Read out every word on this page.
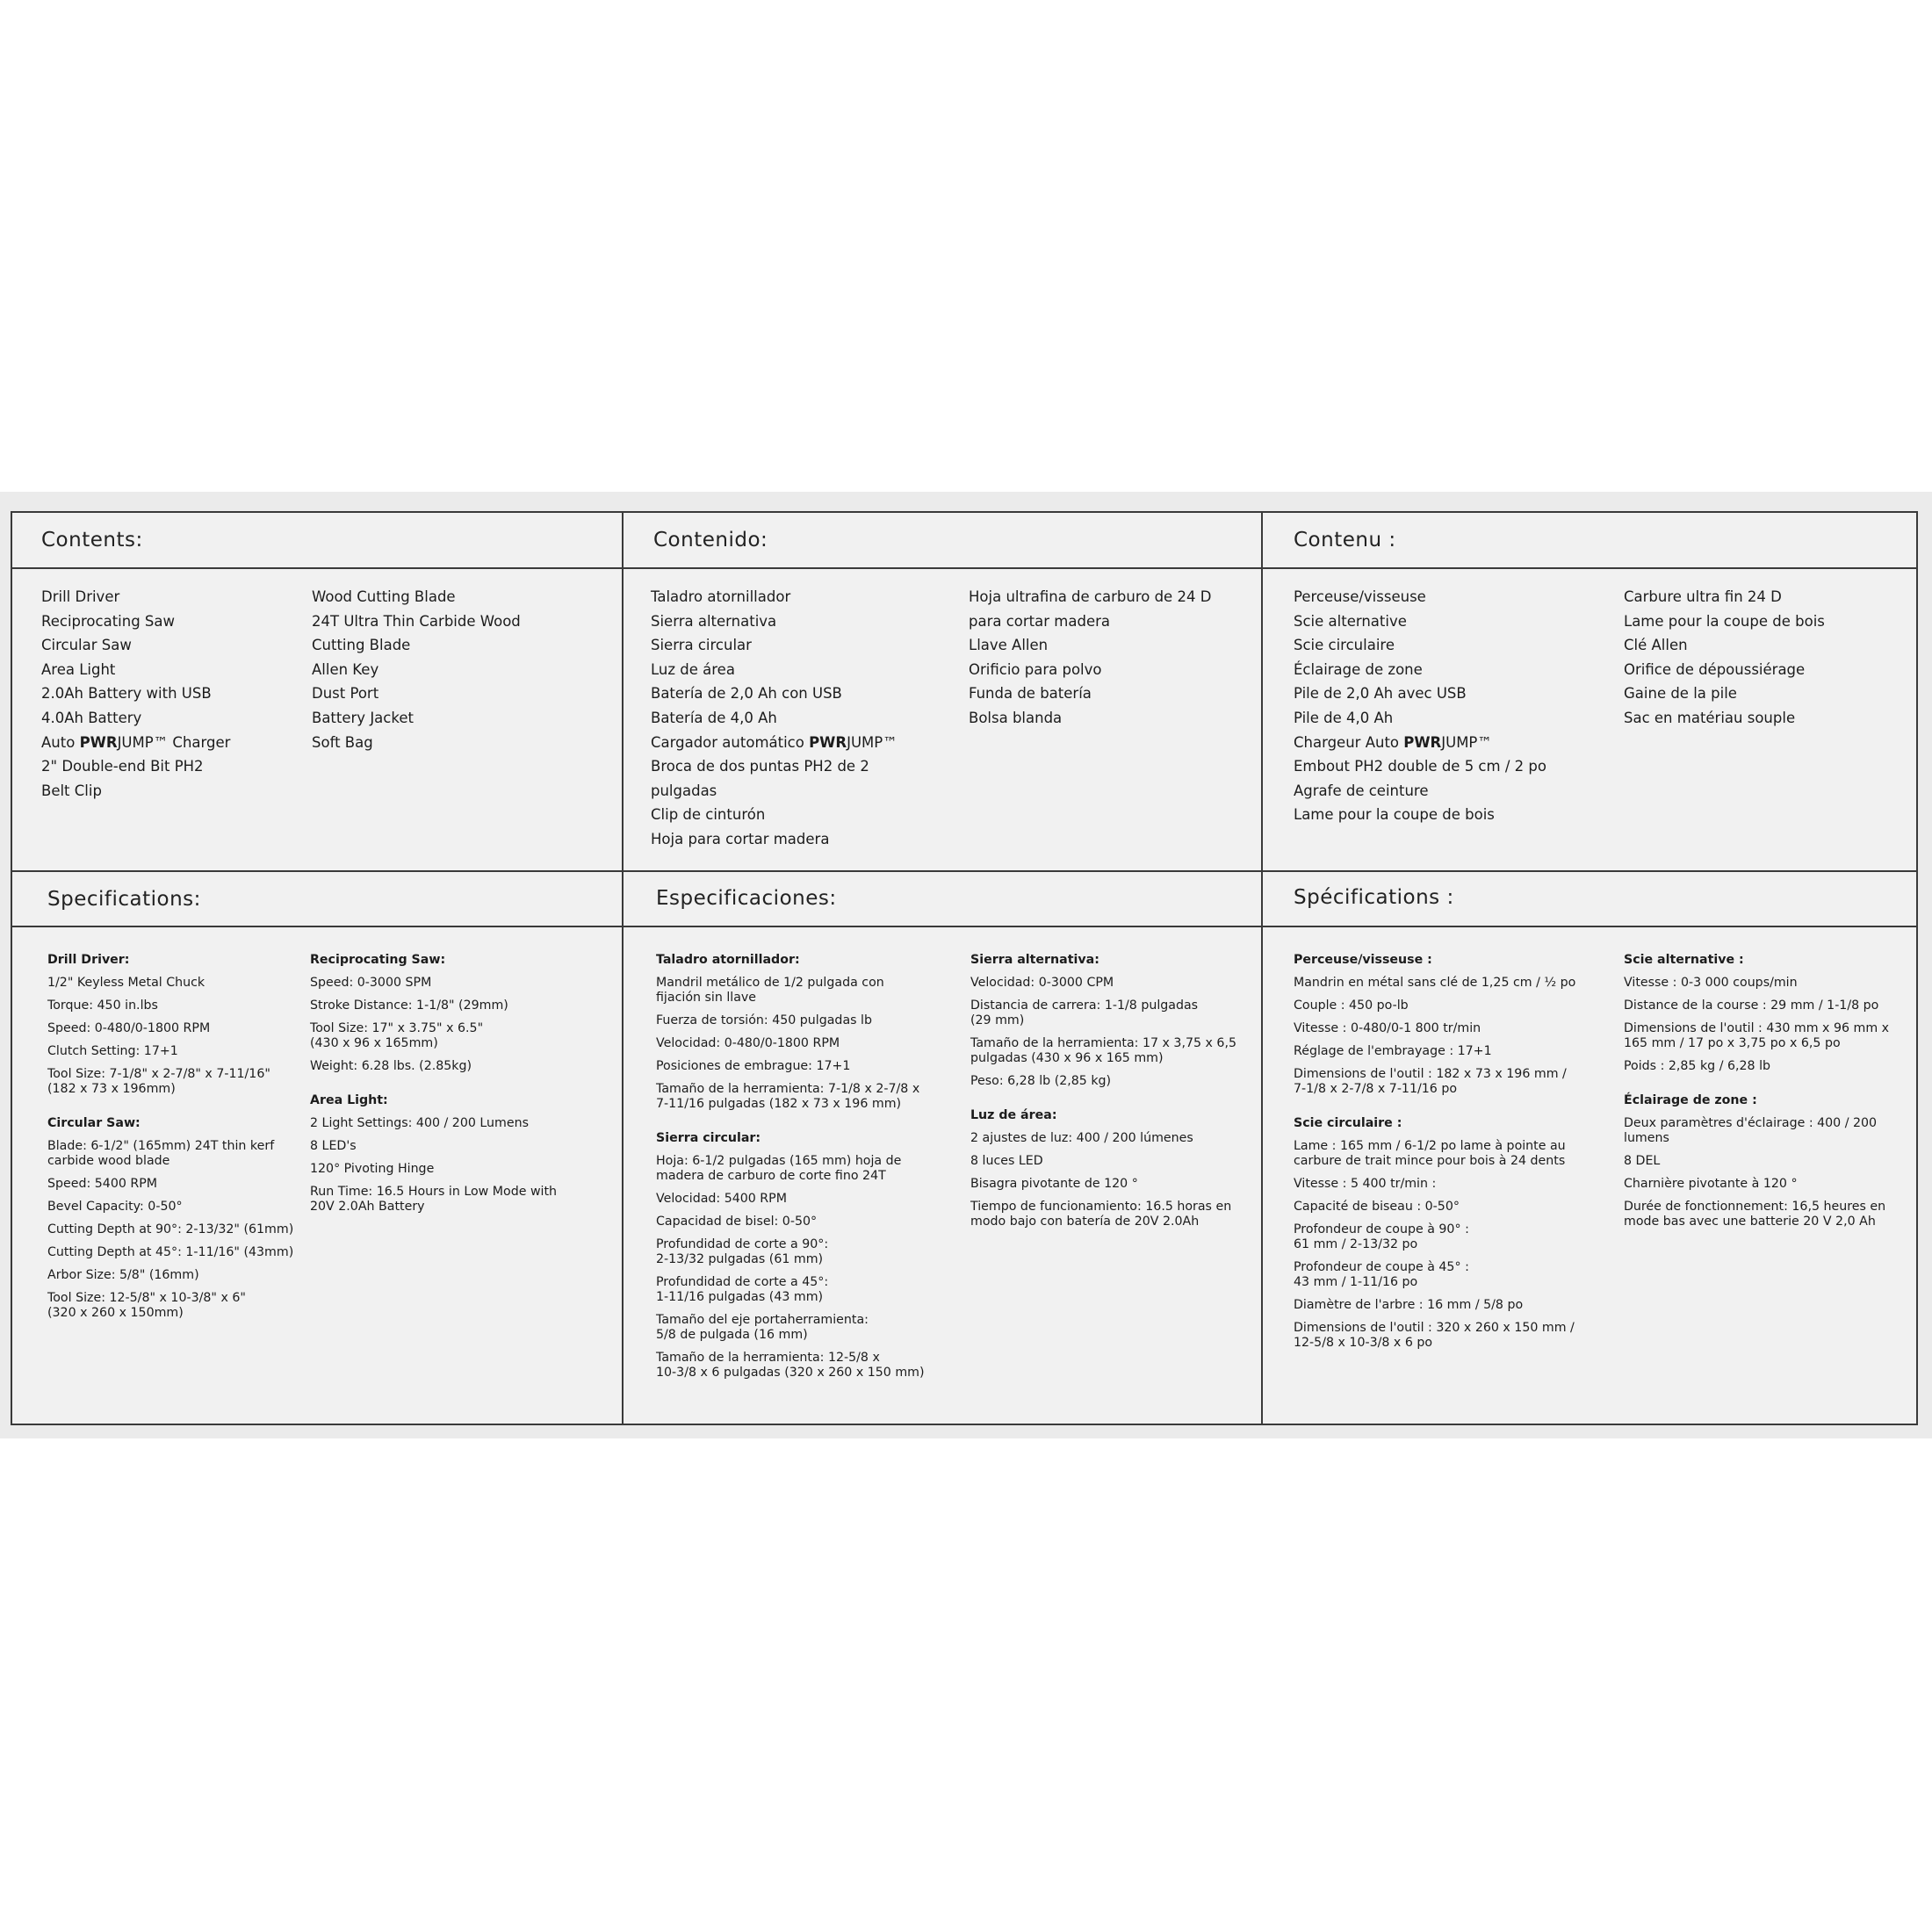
Contents:	Contenido:	Contenu :
Drill Driver
Reciprocating Saw
Circular Saw
Area Light
2.0Ah Battery with USB
4.0Ah Battery
Auto PWRJUMP™ Charger
2" Double-end Bit PH2
Belt Clip
Wood Cutting Blade
24T Ultra Thin Carbide Wood
Cutting Blade
Allen Key
Dust Port
Battery Jacket
Soft Bag
Taladro atornillador
Sierra alternativa
Sierra circular
Luz de área
Batería de 2,0 Ah con USB
Batería de 4,0 Ah
Cargador automático PWRJUMP™
Broca de dos puntas PH2 de 2
pulgadas
Clip de cinturón
Hoja para cortar madera
Hoja ultrafina de carburo de 24 D
para cortar madera
Llave Allen
Orificio para polvo
Funda de batería
Bolsa blanda
Perceuse/visseuse
Scie alternative
Scie circulaire
Éclairage de zone
Pile de 2,0 Ah avec USB
Pile de 4,0 Ah
Chargeur Auto PWRJUMP™
Embout PH2 double de 5 cm / 2 po
Agrafe de ceinture
Lame pour la coupe de bois
Carbure ultra fin 24 D
Lame pour la coupe de bois
Clé Allen
Orifice de dépoussiérage
Gaine de la pile
Sac en matériau souple
Specifications:	Especificaciones:	Spécifications :
Drill Driver:
1/2" Keyless Metal Chuck
Torque: 450 in.lbs
Speed: 0-480/0-1800 RPM
Clutch Setting: 17+1
Tool Size: 7-1/8" x 2-7/8" x 7-11/16"
(182 x 73 x 196mm)
Circular Saw:
Blade: 6-1/2" (165mm) 24T thin kerf
carbide wood blade
Speed: 5400 RPM
Bevel Capacity: 0-50°
Cutting Depth at 90°: 2-13/32" (61mm)
Cutting Depth at 45°: 1-11/16" (43mm)
Arbor Size: 5/8" (16mm)
Tool Size: 12-5/8" x 10-3/8" x 6"
(320 x 260 x 150mm)
Reciprocating Saw:
Speed: 0-3000 SPM
Stroke Distance: 1-1/8" (29mm)
Tool Size: 17" x 3.75" x 6.5"
(430 x 96 x 165mm)
Weight: 6.28 lbs. (2.85kg)
Area Light:
2 Light Settings: 400 / 200 Lumens
8 LED's
120° Pivoting Hinge
Run Time: 16.5 Hours in Low Mode with
20V 2.0Ah Battery
Taladro atornillador:
Mandril metálico de 1/2 pulgada con
fijación sin llave
Fuerza de torsión: 450 pulgadas lb
Velocidad: 0-480/0-1800 RPM
Posiciones de embrague: 17+1
Tamaño de la herramienta: 7-1/8 x 2-7/8 x
7-11/16 pulgadas (182 x 73 x 196 mm)
Sierra circular:
Hoja: 6-1/2 pulgadas (165 mm) hoja de
madera de carburo de corte fino 24T
Velocidad: 5400 RPM
Capacidad de bisel: 0-50°
Profundidad de corte a 90°:
2-13/32 pulgadas (61 mm)
Profundidad de corte a 45°:
1-11/16 pulgadas (43 mm)
Tamaño del eje portaherramienta:
5/8 de pulgada (16 mm)
Tamaño de la herramienta: 12-5/8 x
10-3/8 x 6 pulgadas (320 x 260 x 150 mm)
Sierra alternativa:
Velocidad: 0-3000 CPM
Distancia de carrera: 1-1/8 pulgadas
(29 mm)
Tamaño de la herramienta: 17 x 3,75 x 6,5
pulgadas (430 x 96 x 165 mm)
Peso: 6,28 lb (2,85 kg)
Luz de área:
2 ajustes de luz: 400 / 200 lúmenes
8 luces LED
Bisagra pivotante de 120 °
Tiempo de funcionamiento: 16.5 horas en
modo bajo con batería de 20V 2.0Ah
Perceuse/visseuse :
Mandrin en métal sans clé de 1,25 cm / ½ po
Couple : 450 po-lb
Vitesse : 0-480/0-1 800 tr/min
Réglage de l'embrayage : 17+1
Dimensions de l'outil : 182 x 73 x 196 mm /
7-1/8 x 2-7/8 x 7-11/16 po
Scie circulaire :
Lame : 165 mm / 6-1/2 po lame à pointe au
carbure de trait mince pour bois à 24 dents
Vitesse : 5 400 tr/min :
Capacité de biseau : 0-50°
Profondeur de coupe à 90° :
61 mm / 2-13/32 po
Profondeur de coupe à 45° :
43 mm / 1-11/16 po
Diamètre de l'arbre : 16 mm / 5/8 po
Dimensions de l'outil : 320 x 260 x 150 mm /
12-5/8 x 10-3/8 x 6 po
Scie alternative :
Vitesse : 0-3 000 coups/min
Distance de la course : 29 mm / 1-1/8 po
Dimensions de l'outil : 430 mm x 96 mm x
165 mm / 17 po x 3,75 po x 6,5 po
Poids : 2,85 kg / 6,28 lb
Éclairage de zone :
Deux paramètres d'éclairage : 400 / 200
lumens
8 DEL
Charnière pivotante à 120 °
Durée de fonctionnement: 16,5 heures en
mode bas avec une batterie 20 V 2,0 Ah
